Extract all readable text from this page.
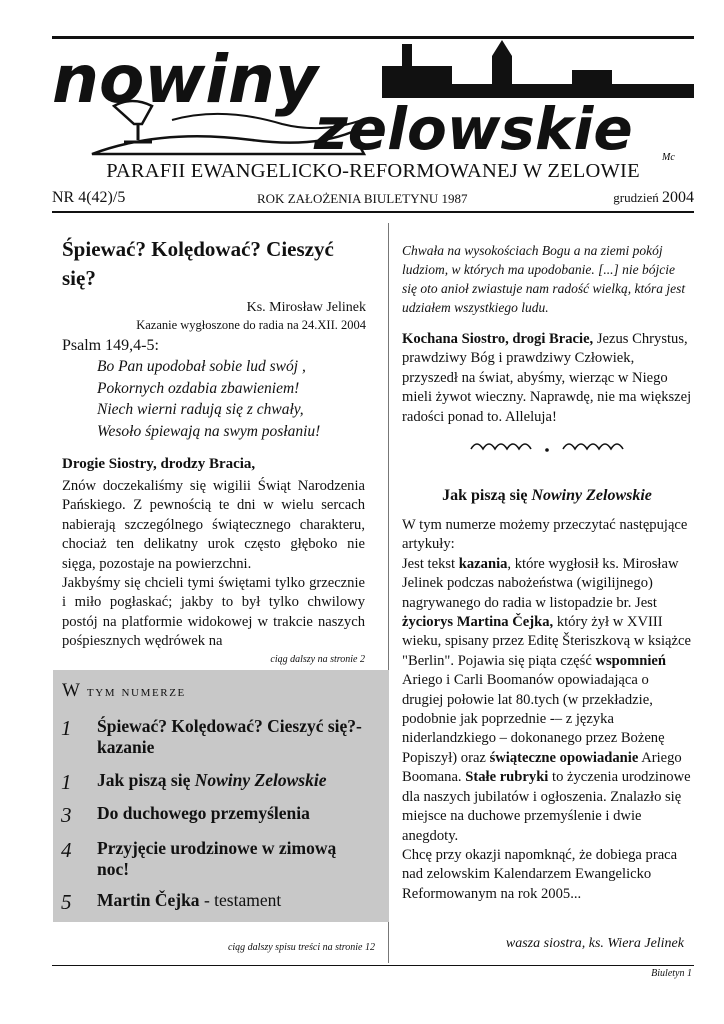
nowiny
zelowskie	Mc
PARAFII EWANGELICKO-REFORMOWANEJ W ZELOWIE
NR 4(42)/5	ROK ZAŁOŻENIA BIULETYNU 1987	grudzień 2004
Śpiewać? Kolędować? Cieszyć się?
Ks. Mirosław Jelinek
Kazanie wygłoszone do radia na 24.XII. 2004
Psalm 149,4-5:
Bo Pan upodobał sobie lud swój ,
Pokornych ozdabia zbawieniem!
Niech wierni radują się z chwały,
Wesoło śpiewają na swym posłaniu!
Drogie Siostry, drodzy Bracia,

Znów doczekaliśmy się wigilii Świąt Narodzenia Pańskiego. Z pewnością te dni w wielu sercach nabierają szczególnego świątecznego charakteru, chociaż ten delikatny urok często głęboko nie sięga, pozostaje na powierzchni.

Jakbyśmy się chcieli tymi świętami tylko grzecznie i miło pogłaskać; jakby to był tylko chwilowy postój na platformie widokowej w trakcie naszych pośpiesznych wędrówek na

ciąg dalszy na stronie 2
W tym numerze
1 Śpiewać? Kolędować? Cieszyć się?- kazanie
1 Jak piszą się Nowiny Zelowskie
3 Do duchowego przemyślenia
4 Przyjęcie urodzinowe w zimową noc!
5 Martin Čejka - testament
ciąg dalszy spisu treści na stronie 12
Chwała na wysokościach Bogu a na ziemi pokój ludziom, w których ma upodobanie. [...] nie bójcie się oto anioł zwiastuje nam radość wielką, która jest udziałem wszystkiego ludu.
Kochana Siostro, drogi Bracie, Jezus Chrystus, prawdziwy Bóg i prawdziwy Człowiek, przyszedł na świat, abyśmy, wierząc w Niego mieli żywot wieczny. Naprawdę, nie ma większej radości ponad to. Alleluja!
Jak piszą się Nowiny Zelowskie

W tym numerze możemy przeczytać następujące artykuły:

Jest tekst kazania, które wygłosił ks. Mirosław Jelinek podczas nabożeństwa (wigilijnego) nagrywanego do radia w listopadzie br. Jest życiorys Martina Čejka, który żył w XVIII wieku, spisany przez Editę Šteriszkovą w książce "Berlin". Pojawia się piąta część wspomnień Ariego i Carli Boomanów opowiadająca o drugiej połowie lat 80.tych (w przekładzie, podobnie jak poprzednie -– z języka niderlandzkiego – dokonanego przez Bożenę Popiszył) oraz świąteczne opowiadanie Ariego Boomana. Stałe rubryki to życzenia urodzinowe dla naszych jubilatów i ogłoszenia. Znalazło się miejsce na duchowe przemyślenie i dwie anegdoty.

Chcę przy okazji napomknąć, że dobiega praca nad zelowskim Kalendarzem Ewangelicko Reformowanym na rok 2005...

wasza siostra, ks. Wiera Jelinek
Biuletyn 1
